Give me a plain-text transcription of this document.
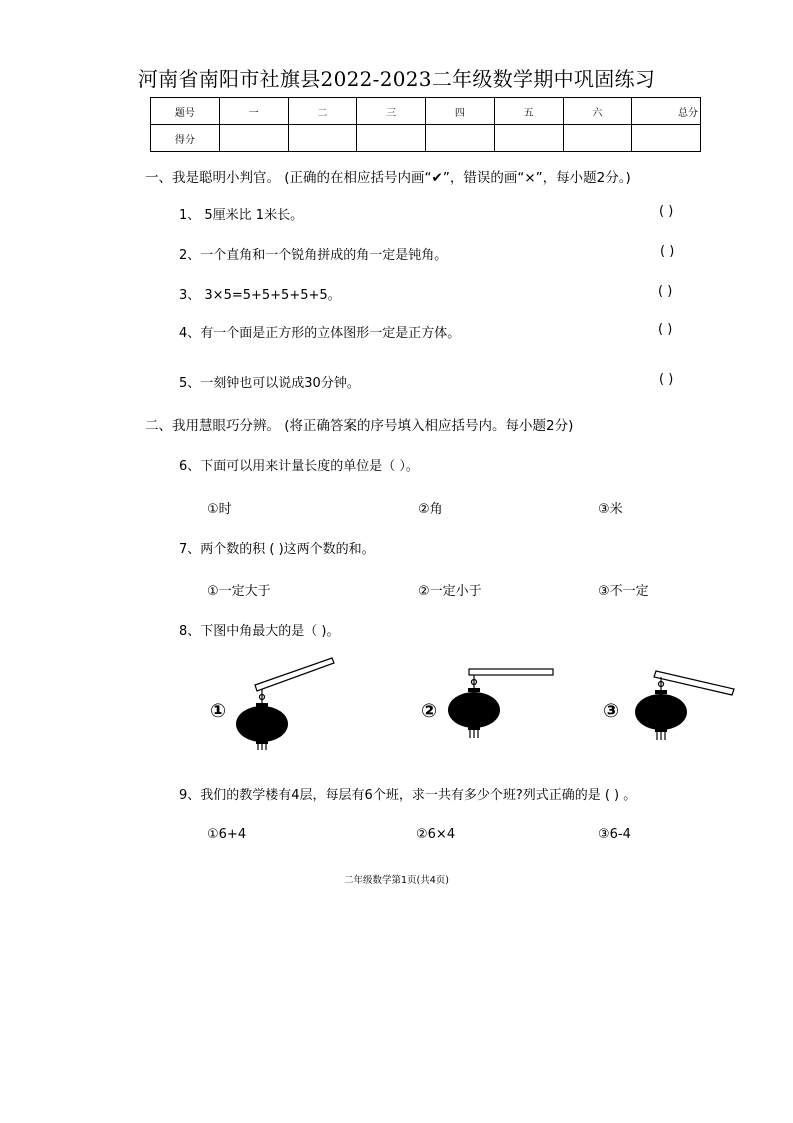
河南省南阳市社旗县2022-2023二年级数学期中巩固练习
题号	一	二	三	四	五	六	总分
得分							
一、我是聪明小判官。 (正确的在相应括号内画“✔”，错误的画“×”，每小题2分。)
1、 5厘米比 1米长。	( )
2、一个直角和一个锐角拼成的角一定是钝角。	( )
3、 3×5=5+5+5+5+5。	( )
4、有一个面是正方形的立体图形一定是正方体。	( )
5、一刻钟也可以说成30分钟。	( )
二、我用慧眼巧分辨。 (将正确答案的序号填入相应括号内。每小题2分)
6、下面可以用来计量长度的单位是（ ）。
①时	②角	③米
7、两个数的积 ( )这两个数的和。
①一定大于	②一定小于	③不一定
8、下图中角最大的是（ )。
①	②	③
9、我们的教学楼有4层，每层有6个班，求一共有多少个班?列式正确的是 ( ) 。
①6+4	②6×4	③6-4
二年级数学第1页(共4页)
